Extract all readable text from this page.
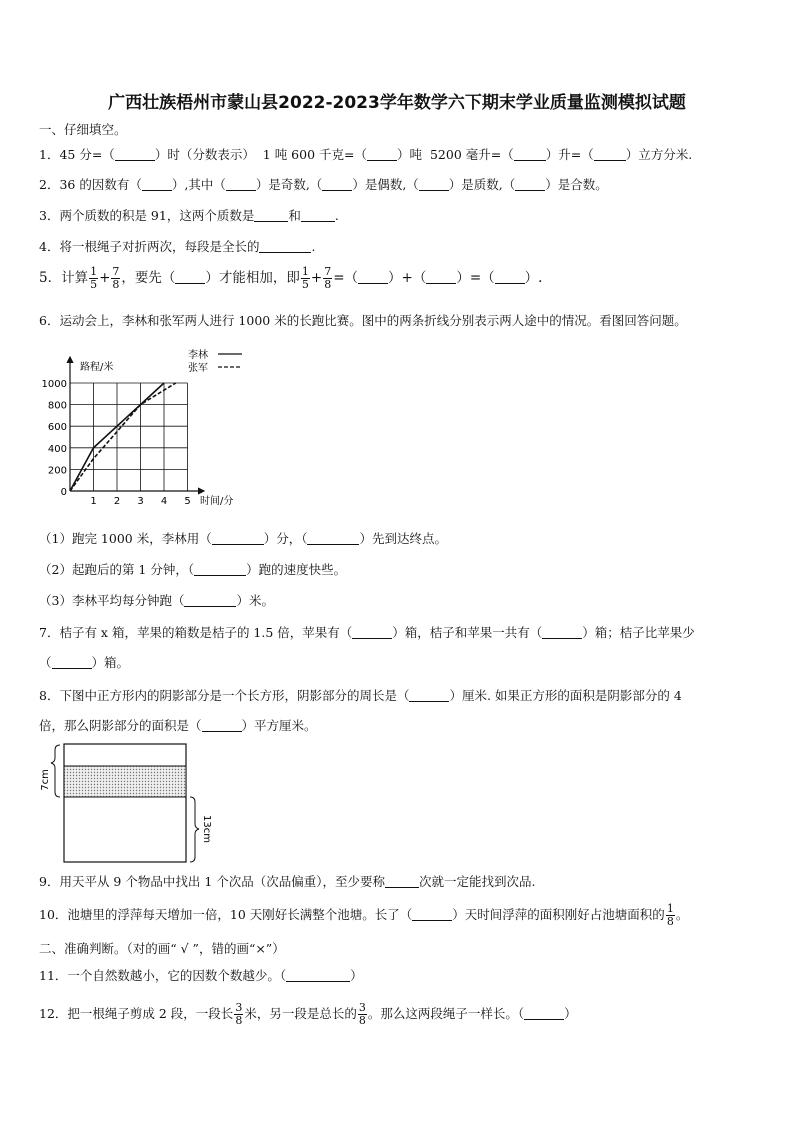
广西壮族梧州市蒙山县2022-2023学年数学六下期末学业质量监测模拟试题
一、仔细填空。
1．45 分=（	）时（分数表示） 1 吨 600 千克=（ ）吨 5200 毫升=（	）升=（	）立方分米.
2．36 的因数有（ ）,其中（ ）是奇数,（ ）是偶数,（ ）是质数,（ ）是合数。
3．两个质数的积是 91，这两个质数是	和	.
4．将一根绳子对折两次，每段是全长的	.
5．计算 $\frac{1}{5} + \frac{7}{8}$ ，要先（ ）才能相加，即 $\frac{1}{5} + \frac{7}{8}$ =（ ）+（ ）=（ ）.
6．运动会上，李林和张军两人进行 1000 米的长跑比赛。图中的两条折线分别表示两人途中的情况。看图回答问题。
路程/米
时间/分
1 2 3 4 5
200
400
600
800
1000
0
李林
张军
（1）跑完 1000 米，李林用（	）分，（	）先到达终点。
（2）起跑后的第 1 分钟，（	）跑的速度快些。
（3）李林平均每分钟跑（	）米。
7．桔子有 x 箱，苹果的箱数是桔子的 1.5 倍，苹果有（	）箱，桔子和苹果一共有（	）箱；桔子比苹果少
（	）箱。
8．下图中正方形内的阴影部分是一个长方形，阴影部分的周长是（	）厘米. 如果正方形的面积是阴影部分的 4
倍，那么阴影部分的面积是（	）平方厘米。
7cm
13cm
9．用天平从 9 个物品中找出 1 个次品（次品偏重），至少要称	次就一定能找到次品.
10．池塘里的浮萍每天增加一倍，10 天刚好长满整个池塘。长了（	）天时间浮萍的面积刚好占池塘面积的 $\frac{1}{8}$ 。
二、准确判断。（对的画“ √ ”，错的画“×”）
11．一个自然数越小，它的因数个数越少。（	）
12．把一根绳子剪成 2 段，一段长 $\frac{3}{8}$ 米，另一段是总长的 $\frac{3}{8}$ 。那么这两段绳子一样长。（	）
